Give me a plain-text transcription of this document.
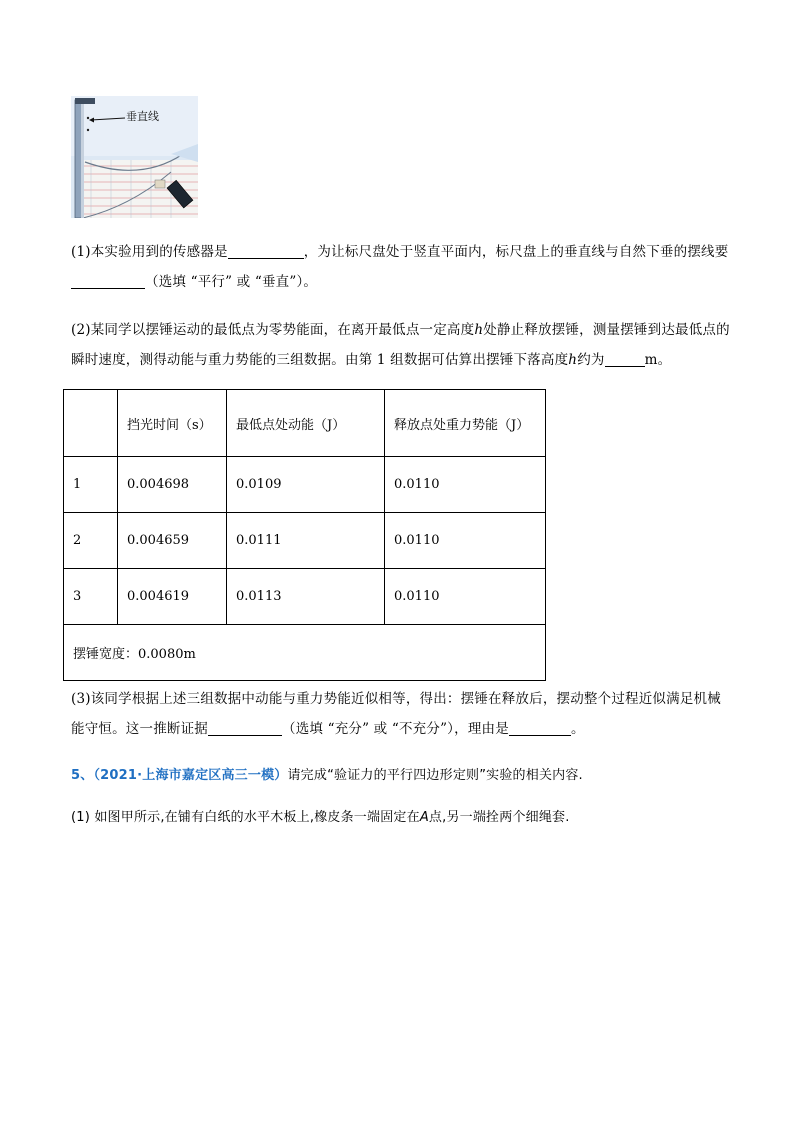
垂直线
(1)本实验用到的传感器是	，为让标尺盘处于竖直平面内，标尺盘上的垂直线与自然下垂的摆线要（选填 “平行” 或 “垂直”）。
(2)某同学以摆锤运动的最低点为零势能面，在离开最低点一定高度h处静止释放摆锤，测量摆锤到达最低点的瞬时速度，测得动能与重力势能的三组数据。由第 1 组数据可估算出摆锤下落高度h约为	m。
	挡光时间（s）	最低点处动能（J）	释放点处重力势能（J）
1	0.004698	0.0109	0.0110
2	0.004659	0.0111	0.0110
3	0.004619	0.0113	0.0110
摆锤宽度：0.0080m			
(3)该同学根据上述三组数据中动能与重力势能近似相等，得出：摆锤在释放后，摆动整个过程近似满足机械能守恒。这一推断证据	（选填 “充分” 或 “不充分”），理由是	。
5、（2021·上海市嘉定区高三一模）请完成“验证力的平行四边形定则”实验的相关内容.
(1) 如图甲所示,在铺有白纸的水平木板上,橡皮条一端固定在A点,另一端拴两个细绳套.
